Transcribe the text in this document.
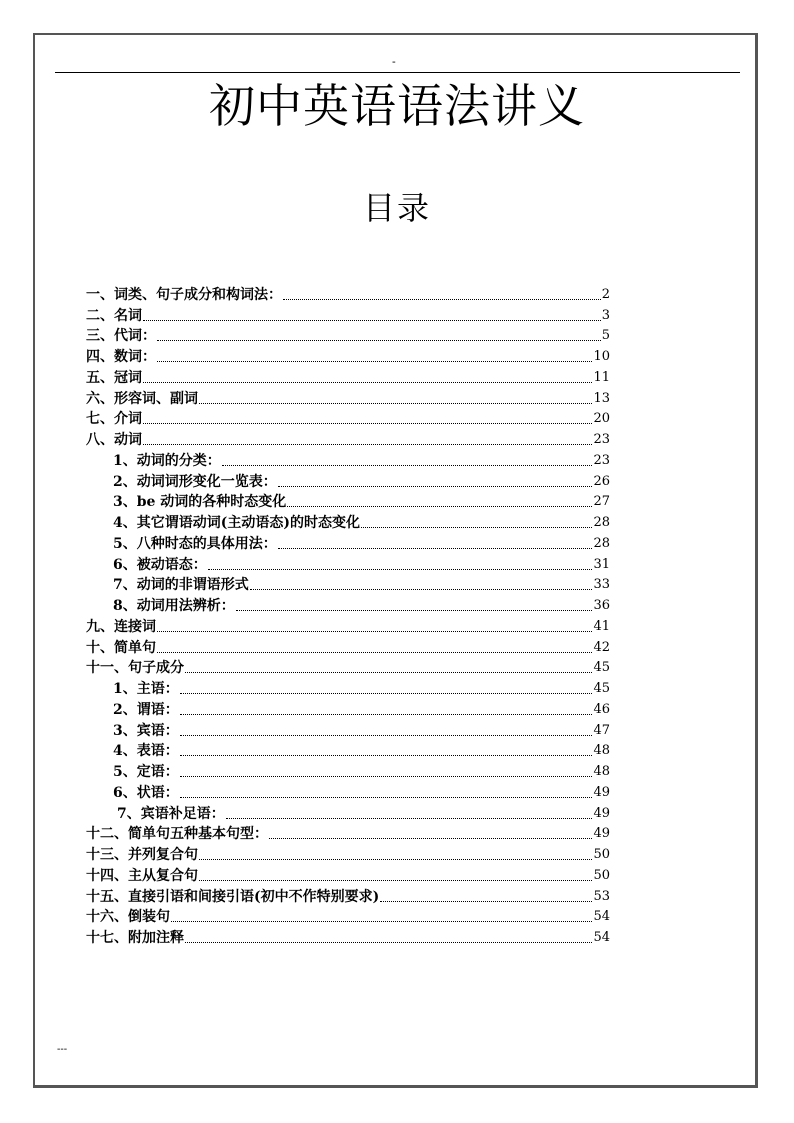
-
初中英语语法讲义
目录
一、词类、句子成分和构词法：	2
二、名词	3
三、代词：	5
四、数词：	10
五、冠词	11
六、形容词、副词	13
七、介词	20
八、动词	23
1、动词的分类：	23
2、动词词形变化一览表：	26
3、be 动词的各种时态变化	27
4、其它谓语动词(主动语态)的时态变化	28
5、八种时态的具体用法：	28
6、被动语态：	31
7、动词的非谓语形式	33
8、动词用法辨析：	36
九、连接词	41
十、简单句	42
十一、句子成分	45
1、主语：	45
2、谓语：	46
3、宾语：	47
4、表语：	48
5、定语：	48
6、状语：	49
7、宾语补足语：	49
十二、简单句五种基本句型：	49
十三、并列复合句	50
十四、主从复合句	50
十五、直接引语和间接引语(初中不作特别要求)	53
十六、倒装句	54
十七、附加注释	54
---
